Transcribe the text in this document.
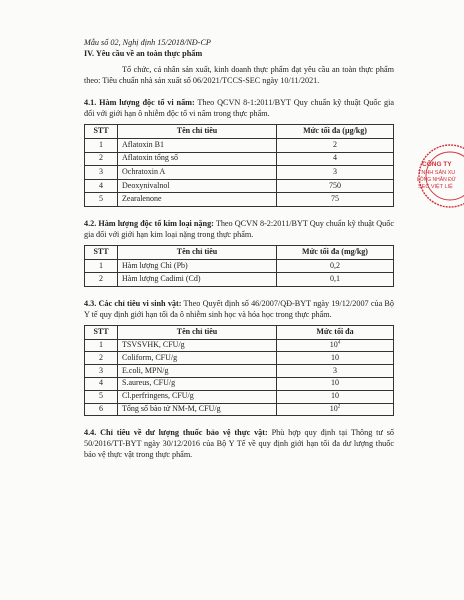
Mẫu số 02, Nghị định 15/2018/NĐ-CP

IV. Yêu cầu về an toàn thực phẩm

Tổ chức, cá nhân sản xuất, kinh doanh thực phẩm đạt yêu cầu an toàn thực phẩm theo: Tiêu chuẩn nhà sản xuất số 06/2021/TCCS-SEC ngày 10/11/2021.

4.1. Hàm lượng độc tố vi nấm: Theo QCVN 8-1:2011/BYT Quy chuẩn kỹ thuật Quốc gia đối với giới hạn ô nhiễm độc tố vi nấm trong thực phẩm.

STT	Tên chỉ tiêu	Mức tối đa (µg/kg)
1	Aflatoxin B1	2
2	Aflatoxin tổng số	4
3	Ochratoxin A	3
4	Deoxynivalnol	750
5	Zearalenone	75

4.2. Hàm lượng độc tố kim loại nặng: Theo QCVN 8-2:2011/BYT Quy chuẩn kỹ thuật Quốc gia đối với giới hạn kim loại nặng trong thực phẩm.

STT	Tên chỉ tiêu	Mức tối đa (mg/kg)
1	Hàm lượng Chì (Pb)	0,2
2	Hàm lượng Cadimi (Cd)	0,1

4.3. Các chỉ tiêu vi sinh vật: Theo Quyết định số 46/2007/QĐ-BYT ngày 19/12/2007 của Bộ Y tế quy định giới hạn tối đa ô nhiễm sinh học và hóa học trong thực phẩm.

STT	Tên chỉ tiêu	Mức tối đa
1	TSVSVHK, CFU/g	$10^4$
2	Coliform, CFU/g	10
3	E.coli, MPN/g	3
4	S.aureus, CFU/g	10
5	Cl.perfringens, CFU/g	10
6	Tổng số bào tử NM-M, CFU/g	$10^2$

4.4. Chỉ tiêu về dư lượng thuốc bảo vệ thực vật: Phù hợp quy định tại Thông tư số 50/2016/TT-BYT ngày 30/12/2016 của Bộ Y Tế về quy định giới hạn tối đa dư lượng thuốc bảo vệ thực vật trong thực phẩm.

CÔNG TY
TNHH SẢN XU
LÔNG NHÂN ĐỨ
SEC VIỆT LIỆ
